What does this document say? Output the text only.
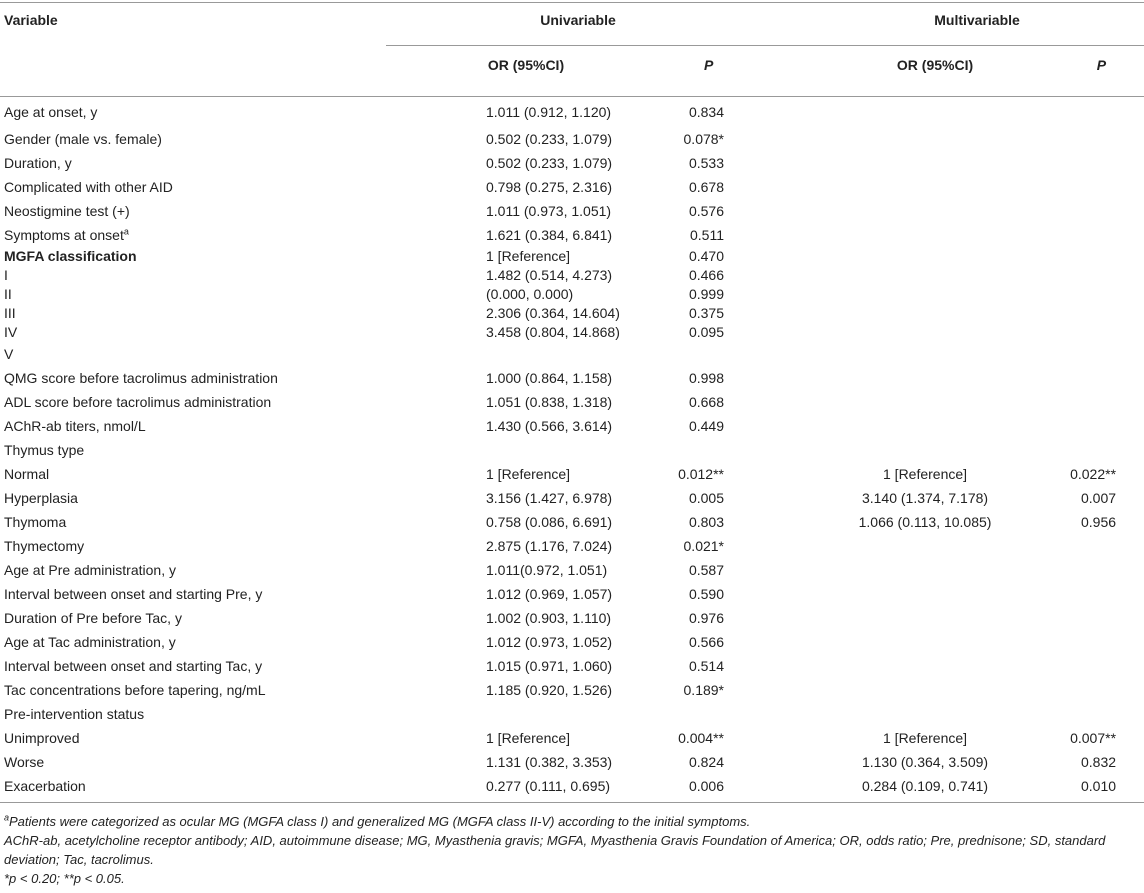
Variable	Univariable			Multivariable	
	OR (95%CI)		P	OR (95%CI)	P
Age at onset, y	1.011 (0.912, 1.120)	0.834			
Gender (male vs. female)	0.502 (0.233, 1.079)	0.078*			
Duration, y	0.502 (0.233, 1.079)	0.533			
Complicated with other AID	0.798 (0.275, 2.316)	0.678			
Neostigmine test (+)	1.011 (0.973, 1.051)	0.576			
Symptoms at onset$^a$	1.621 (0.384, 6.841)	0.511			
MGFA classification	1 [Reference]	0.470			
I	1.482 (0.514, 4.273)	0.466			
II	(0.000, 0.000)	0.999			
III	2.306 (0.364, 14.604)	0.375			
IV	3.458 (0.804, 14.868)	0.095			
V					
QMG score before tacrolimus administration	1.000 (0.864, 1.158)	0.998			
ADL score before tacrolimus administration	1.051 (0.838, 1.318)	0.668			
AChR-ab titers, nmol/L	1.430 (0.566, 3.614)	0.449			
Thymus type					
Normal	1 [Reference]	0.012**		1 [Reference]	0.022**
Hyperplasia	3.156 (1.427, 6.978)	0.005		3.140 (1.374, 7.178)	0.007
Thymoma	0.758 (0.086, 6.691)	0.803		1.066 (0.113, 10.085)	0.956
Thymectomy	2.875 (1.176, 7.024)	0.021*			
Age at Pre administration, y	1.011(0.972, 1.051)	0.587			
Interval between onset and starting Pre, y	1.012 (0.969, 1.057)	0.590			
Duration of Pre before Tac, y	1.002 (0.903, 1.110)	0.976			
Age at Tac administration, y	1.012 (0.973, 1.052)	0.566			
Interval between onset and starting Tac, y	1.015 (0.971, 1.060)	0.514			
Tac concentrations before tapering, ng/mL	1.185 (0.920, 1.526)	0.189*			
Pre-intervention status					
Unimproved	1 [Reference]	0.004**		1 [Reference]	0.007**
Worse	1.131 (0.382, 3.353)	0.824		1.130 (0.364, 3.509)	0.832
Exacerbation	0.277 (0.111, 0.695)	0.006		0.284 (0.109, 0.741)	0.010

$^a$Patients were categorized as ocular MG (MGFA class I) and generalized MG (MGFA class II-V) according to the initial symptoms.

AChR-ab, acetylcholine receptor antibody; AID, autoimmune disease; MG, Myasthenia gravis; MGFA, Myasthenia Gravis Foundation of America; OR, odds ratio; Pre, prednisone; SD, standard deviation; Tac, tacrolimus.

*p < 0.20; **p < 0.05.
